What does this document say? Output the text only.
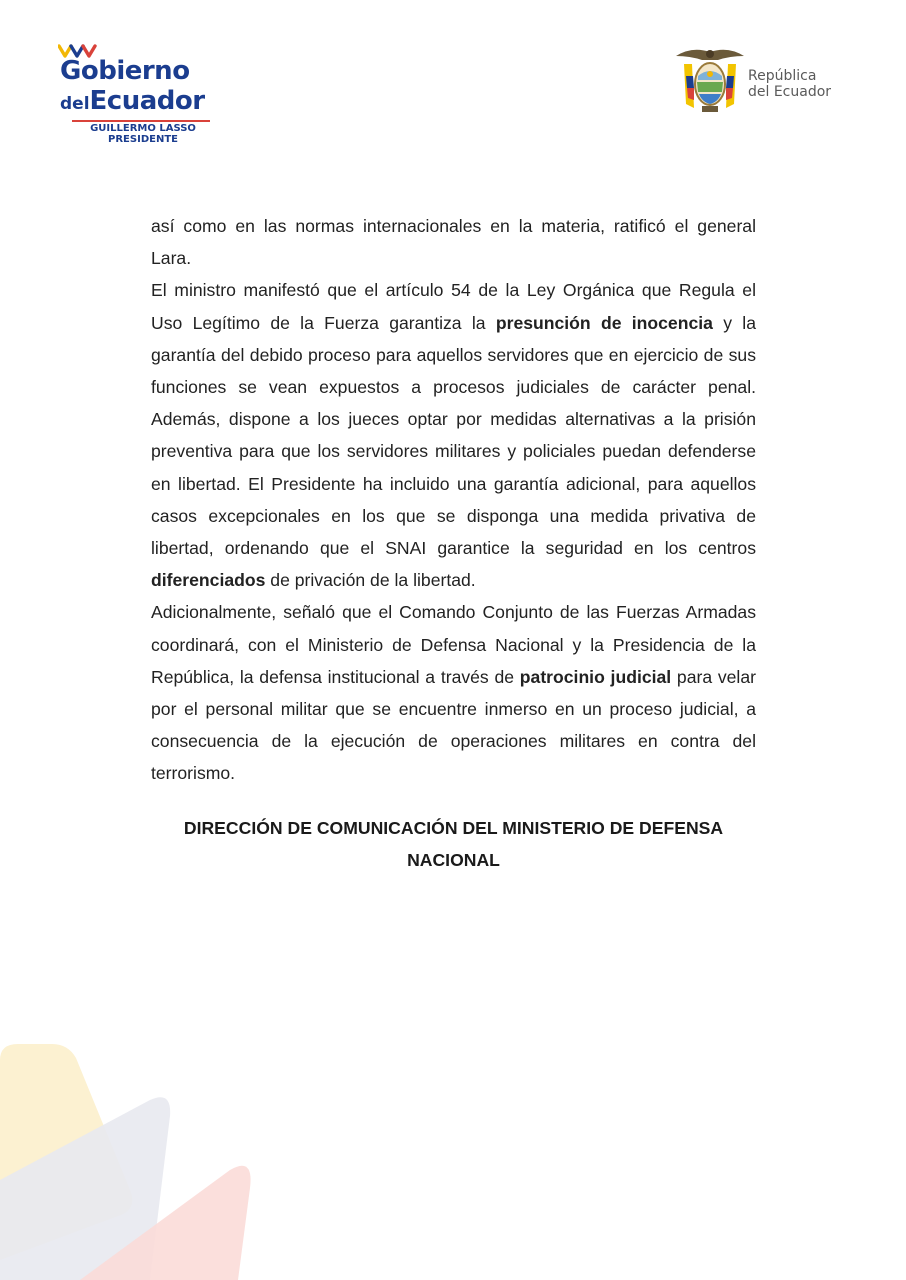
Gobierno
delEcuador
GUILLERMO LASSO
PRESIDENTE
República
del Ecuador

así como en las normas internacionales en la materia, ratificó el general Lara.

El ministro manifestó que el artículo 54 de la Ley Orgánica que Regula el Uso Legítimo de la Fuerza garantiza la presunción de inocencia y la garantía del debido proceso para aquellos servidores que en ejercicio de sus funciones se vean expuestos a procesos judiciales de carácter penal. Además, dispone a los jueces optar por medidas alternativas a la prisión preventiva para que los servidores militares y policiales puedan defenderse en libertad. El Presidente ha incluido una garantía adicional, para aquellos casos excepcionales en los que se disponga una medida privativa de libertad, ordenando que el SNAI garantice la seguridad en los centros diferenciados de privación de la libertad.

Adicionalmente, señaló que el Comando Conjunto de las Fuerzas Armadas coordinará, con el Ministerio de Defensa Nacional y la Presidencia de la República, la defensa institucional a través de patrocinio judicial para velar por el personal militar que se encuentre inmerso en un proceso judicial, a consecuencia de la ejecución de operaciones militares en contra del terrorismo.

DIRECCIÓN DE COMUNICACIÓN DEL MINISTERIO DE DEFENSA
NACIONAL
